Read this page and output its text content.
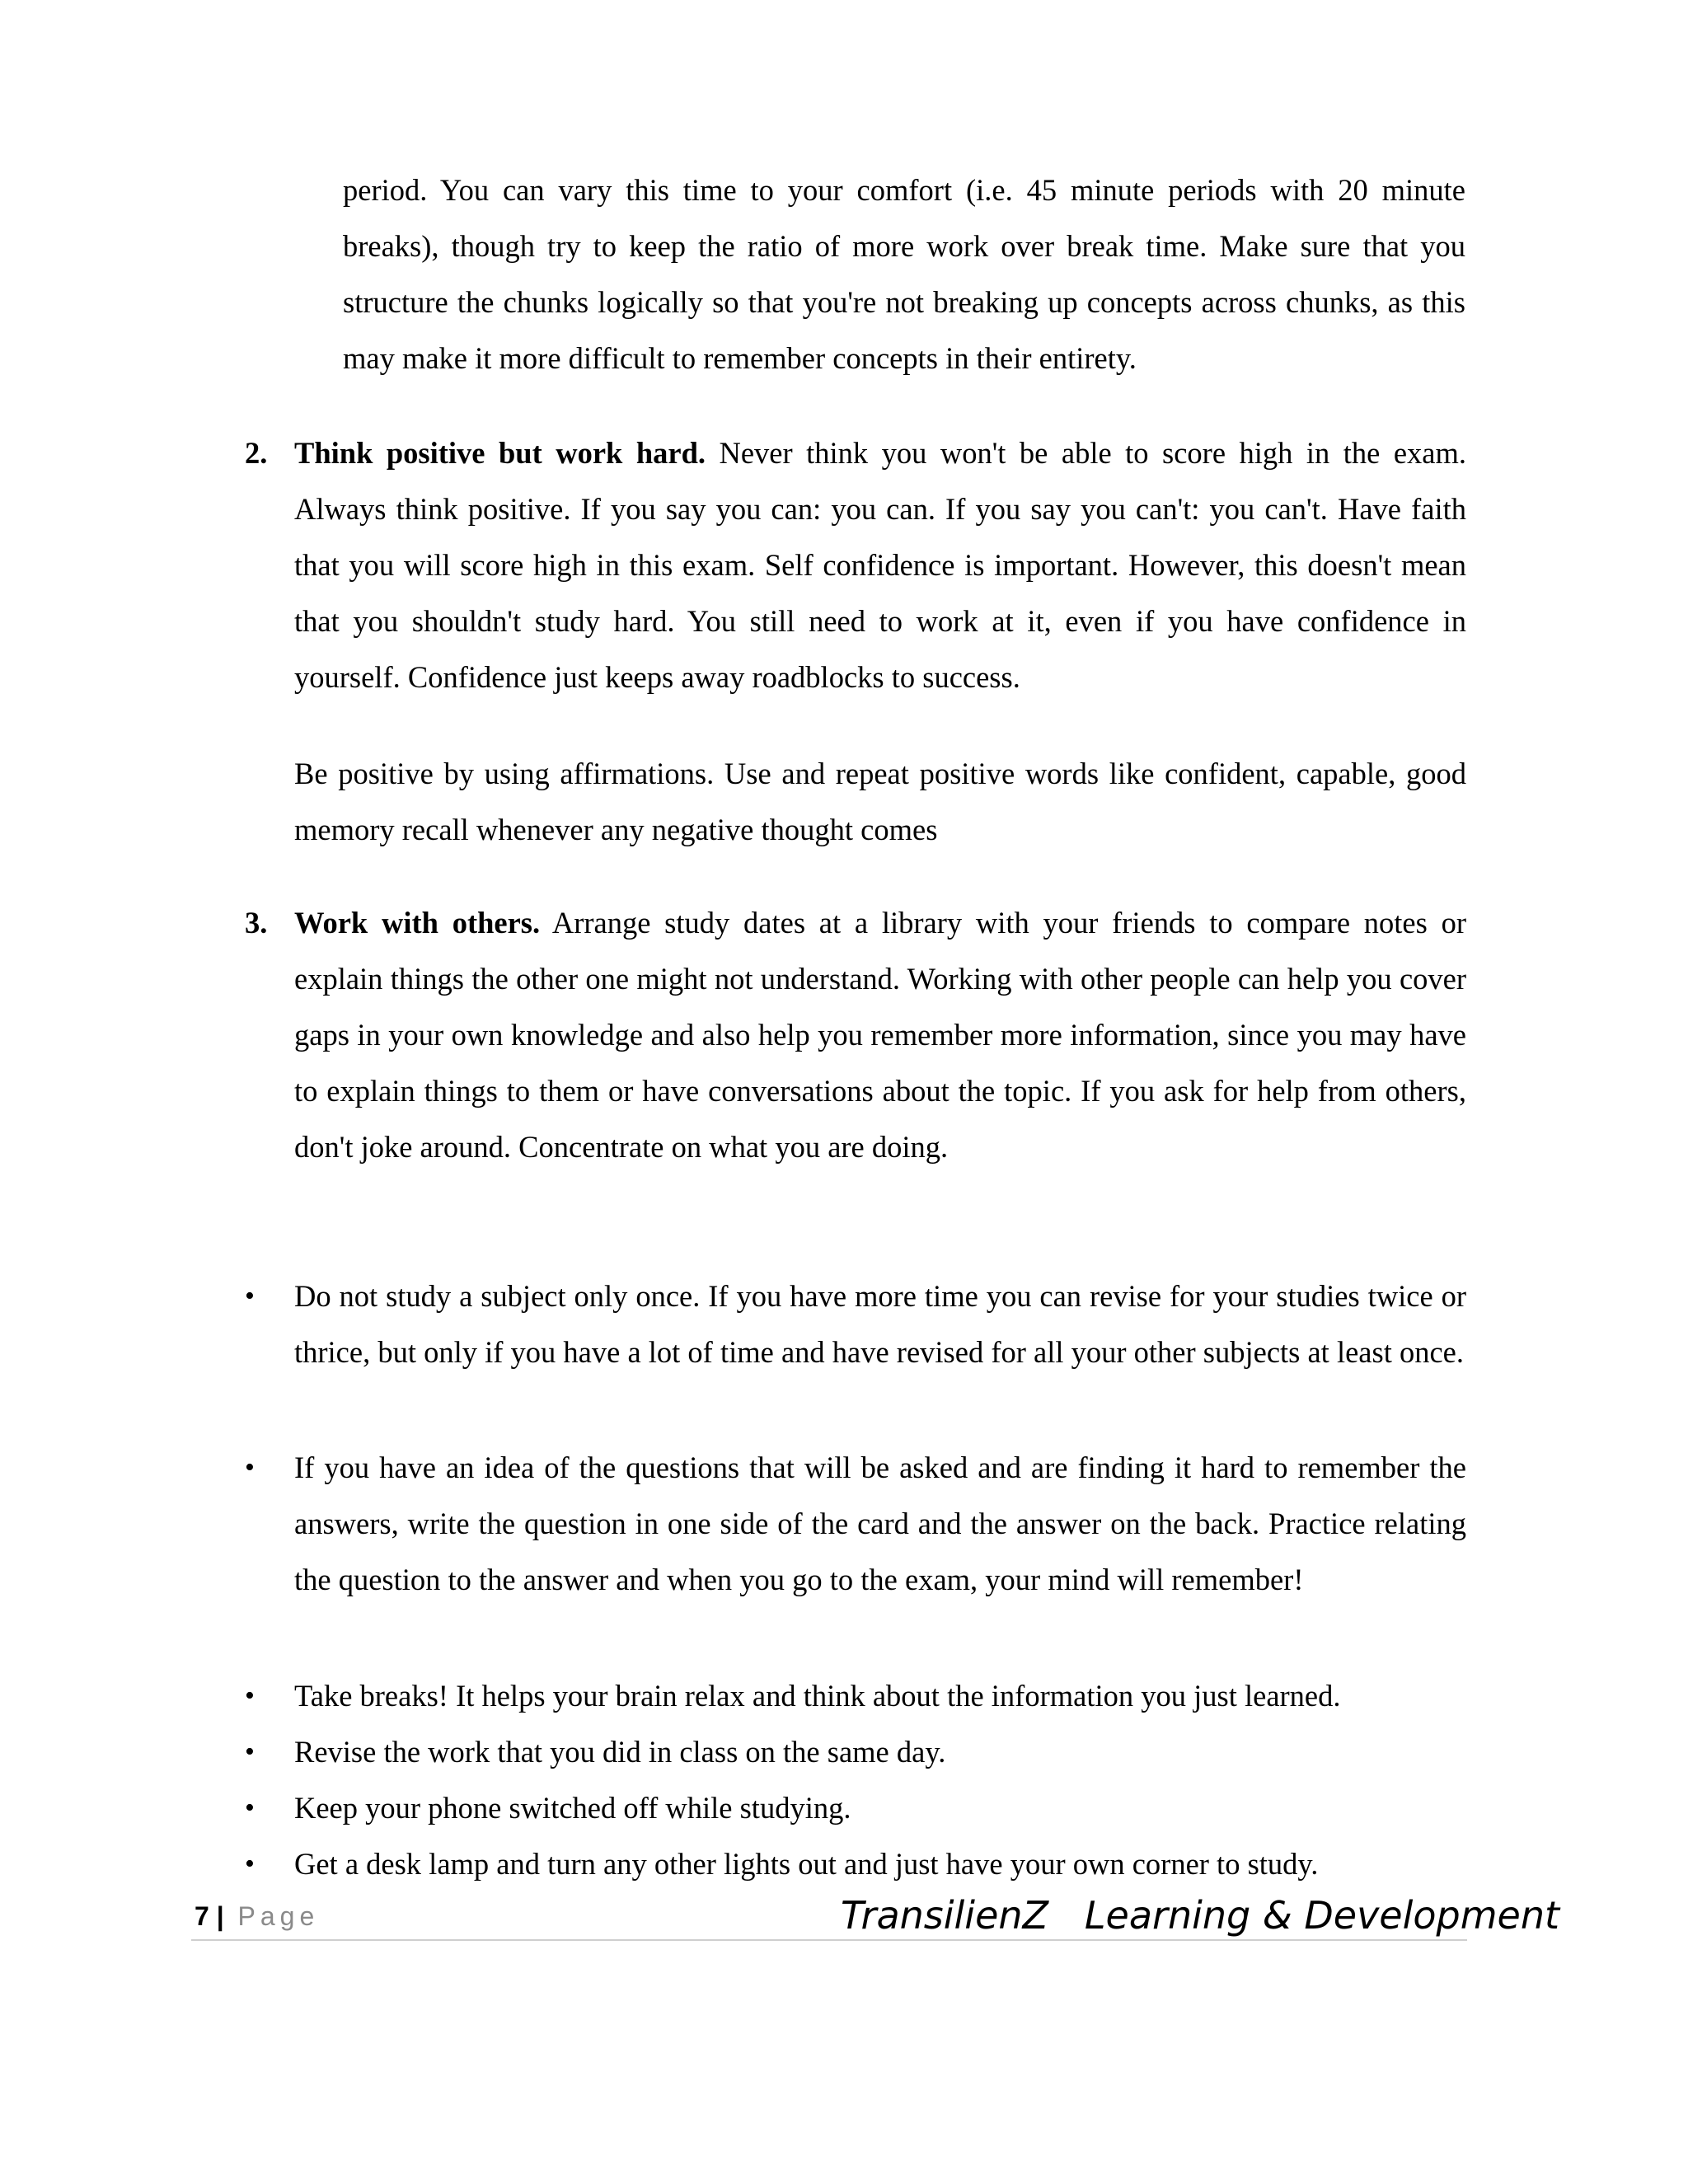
period. You can vary this time to your comfort (i.e. 45 minute periods with 20 minute breaks), though try to keep the ratio of more work over break time. Make sure that you structure the chunks logically so that you're not breaking up concepts across chunks, as this may make it more difficult to remember concepts in their entirety.

2. Think positive but work hard. Never think you won't be able to score high in the exam. Always think positive. If you say you can: you can. If you say you can't: you can't. Have faith that you will score high in this exam. Self confidence is important. However, this doesn't mean that you shouldn't study hard. You still need to work at it, even if you have confidence in yourself. Confidence just keeps away roadblocks to success.

Be positive by using affirmations. Use and repeat positive words like confident, capable, good memory recall whenever any negative thought comes

3. Work with others. Arrange study dates at a library with your friends to compare notes or explain things the other one might not understand. Working with other people can help you cover gaps in your own knowledge and also help you remember more information, since you may have to explain things to them or have conversations about the topic. If you ask for help from others, don't joke around. Concentrate on what you are doing.

• Do not study a subject only once. If you have more time you can revise for your studies twice or thrice, but only if you have a lot of time and have revised for all your other subjects at least once.

• If you have an idea of the questions that will be asked and are finding it hard to remember the answers, write the question in one side of the card and the answer on the back. Practice relating the question to the answer and when you go to the exam, your mind will remember!

• Take breaks! It helps your brain relax and think about the information you just learned.

• Revise the work that you did in class on the same day.

• Keep your phone switched off while studying.

• Get a desk lamp and turn any other lights out and just have your own corner to study.

7 | Page	TransilienZ   Learning & Development
